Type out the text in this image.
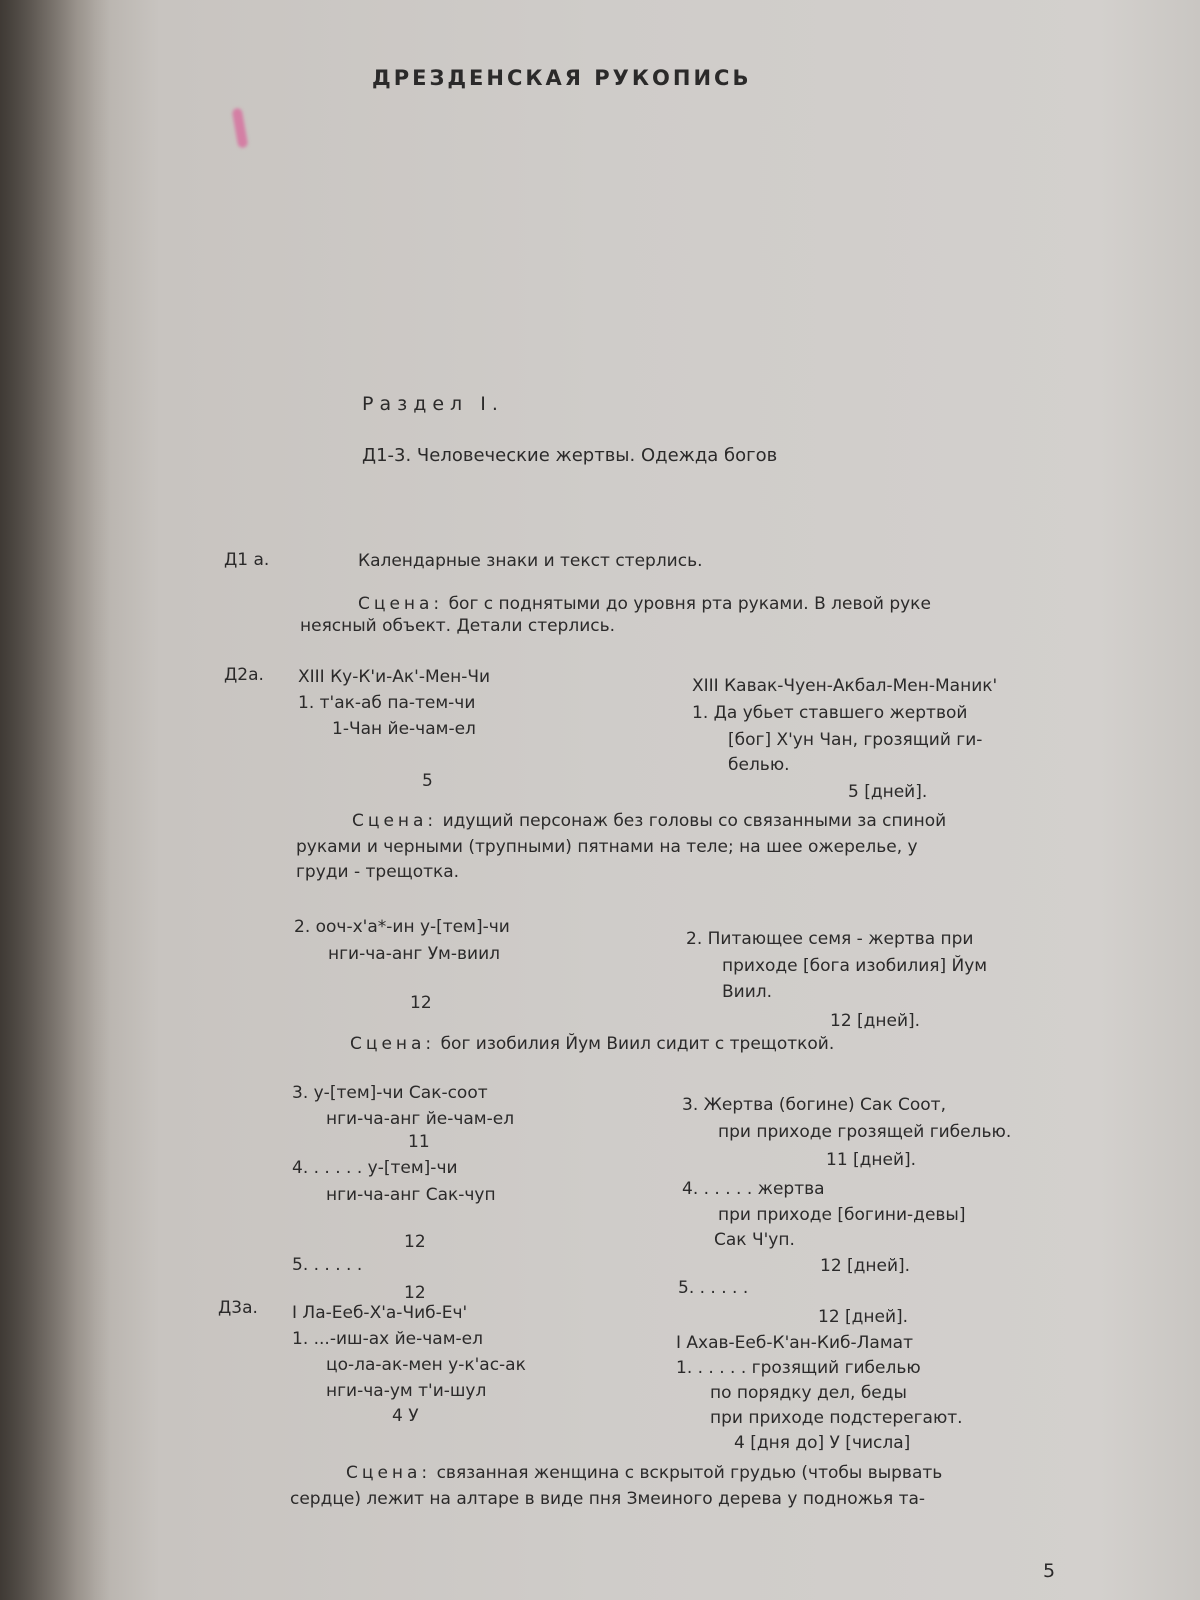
ДРЕЗДЕНСКАЯ РУКОПИСЬ
Раздел I.
Д1-3. Человеческие жертвы. Одежда богов
Д1 а.	Календарные знаки и текст стерлись.
Сцена: бог с поднятыми до уровня рта руками. В левой руке
неясный объект. Детали стерлись.
Д2а. XIII Ку-К'и-Ак'-Мен-Чи
1. т'ак-аб па-тем-чи
1-Чан йе-чам-ел
5
XIII Кавак-Чуен-Акбал-Мен-Маник'
1. Да убьет ставшего жертвой
[бог] Х'ун Чан, грозящий ги-
белью.
5 [дней].
Сцена: идущий персонаж без головы со связанными за спиной
руками и черными (трупными) пятнами на теле; на шее ожерелье, у
груди - трещотка.
2. ооч-х'а*-ин у-[тем]-чи
нги-ча-анг Ум-виил
12
2. Питающее семя - жертва при
приходе [бога изобилия] Йум
Виил.
12 [дней].
Сцена: бог изобилия Йум Виил сидит с трещоткой.
3. у-[тем]-чи Сак-соот
нги-ча-анг йе-чам-ел
11
3. Жертва (богине) Сак Соот,
при приходе грозящей гибелью.
11 [дней].
4. . . . . . у-[тем]-чи
нги-ча-анг Сак-чуп
12
4. . . . . . жертва
при приходе [богини-девы]
Сак Ч'уп.
12 [дней].
5. . . . . .
12	5. . . . . .
12 [дней].
Д3а. I Ла-Еeб-Х'а-Чиб-Еч'
1. ...-иш-ах йе-чам-ел
цо-ла-ак-мен у-к'ас-ак
нги-ча-ум т'и-шул
4 У
I Ахав-Еeб-К'ан-Киб-Ламат
1. . . . . . грозящий гибелью
по порядку дел, беды
при приходе подстерегают.
4 [дня до] У [числа]
Сцена: связанная женщина с вскрытой грудью (чтобы вырвать
сердце) лежит на алтаре в виде пня Змеиного дерева у подножья та-
5
